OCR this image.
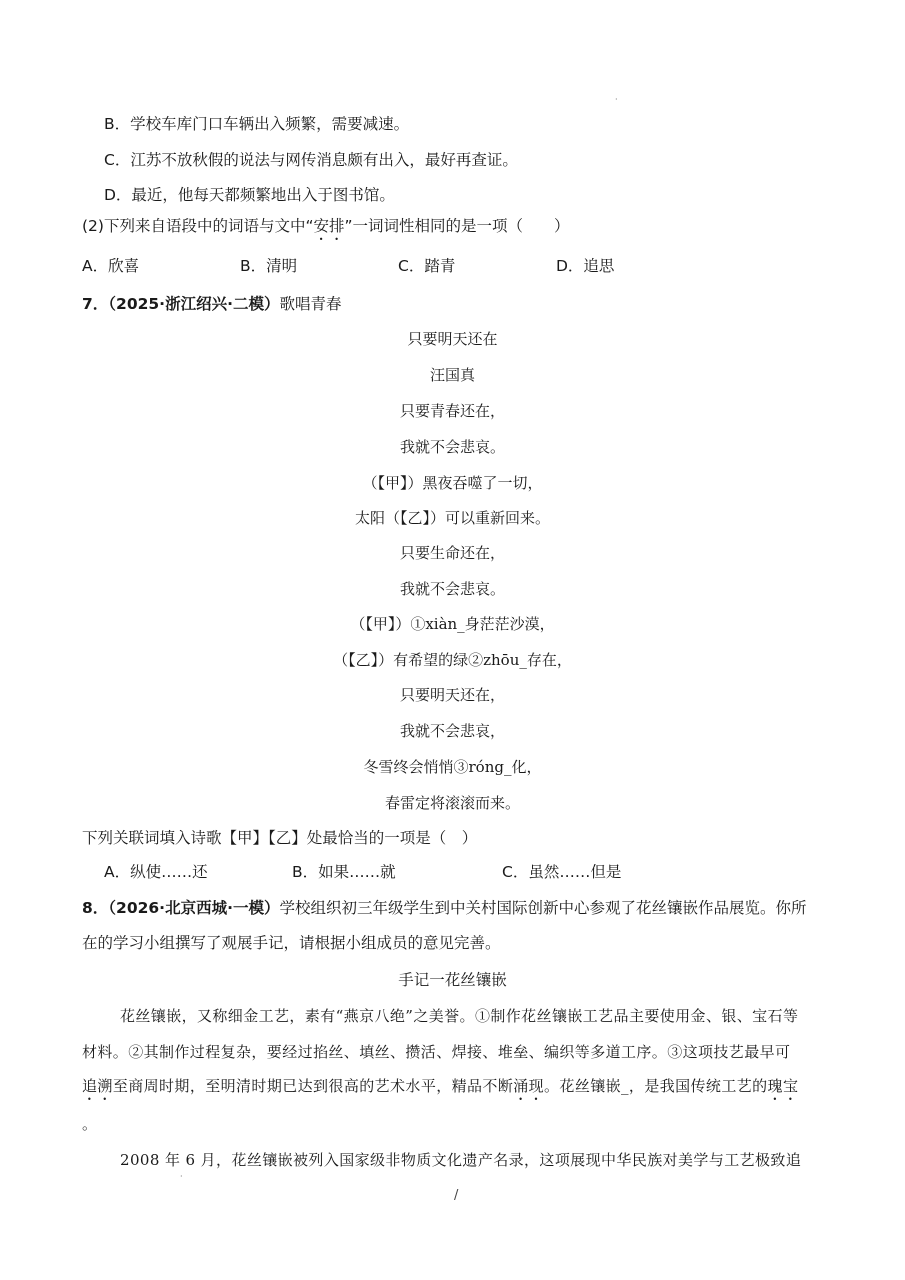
·
B．学校车库门口车辆出入频繁，需要减速。
C．江苏不放秋假的说法与网传消息颇有出入，最好再查证。
D．最近，他每天都频繁地出入于图书馆。
(2)下列来自语段中的词语与文中“安排”一词词性相同的是一项（　　）
A．欣喜	B．清明	C．踏青	D．追思
7．（2025·浙江绍兴·二模）歌唱青春
只要明天还在
汪国真
只要青春还在，
我就不会悲哀。
（【甲】）黑夜吞噬了一切，
太阳（【乙】）可以重新回来。
只要生命还在，
我就不会悲哀。
（【甲】）①xiàn_身茫茫沙漠，
（【乙】）有希望的绿②zhōu_存在，
只要明天还在，
我就不会悲哀，
冬雪终会悄悄③róng_化，
春雷定将滚滚而来。
下列关联词填入诗歌【甲】【乙】处最恰当的一项是（　）
A．纵使……还	B．如果……就	C．虽然……但是
8．（2026·北京西城·一模）学校组织初三年级学生到中关村国际创新中心参观了花丝镶嵌作品展览。你所
在的学习小组撰写了观展手记，请根据小组成员的意见完善。
手记一花丝镶嵌
花丝镶嵌，又称细金工艺，素有“燕京八绝”之美誉。①制作花丝镶嵌工艺品主要使用金、银、宝石等
材料。②其制作过程复杂，要经过掐丝、填丝、攒活、焊接、堆垒、编织等多道工序。③这项技艺最早可
追溯至商周时期，至明清时期已达到很高的艺术水平，精品不断涌现。花丝镶嵌_，是我国传统工艺的瑰宝
。
2008 年 6 月，花丝镶嵌被列入国家级非物质文化遗产名录，这项展现中华民族对美学与工艺极致追
·
/
